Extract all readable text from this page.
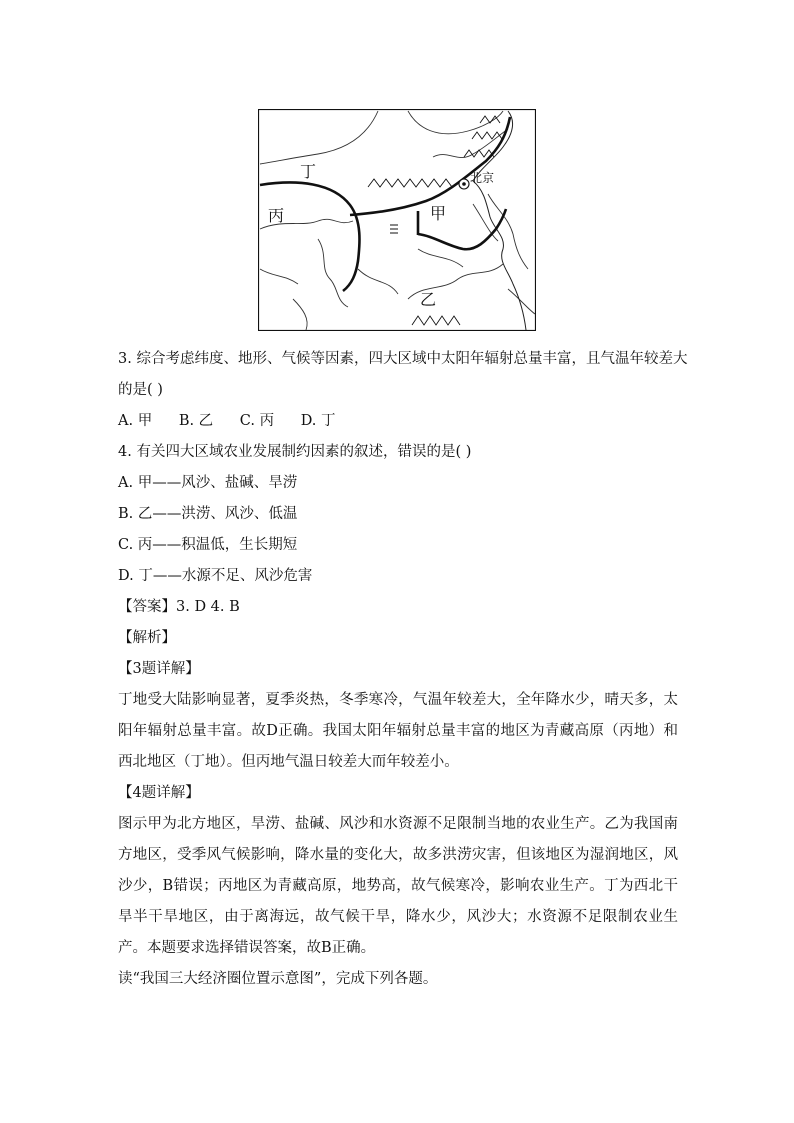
丁
丙	甲
乙
北京
3. 综合考虑纬度、地形、气候等因素，四大区域中太阳年辐射总量丰富，且气温年较差大
的是( )
A. 甲 B. 乙 C. 丙 D. 丁
4. 有关四大区域农业发展制约因素的叙述，错误的是( )
A. 甲——风沙、盐碱、旱涝
B. 乙——洪涝、风沙、低温
C. 丙——积温低，生长期短
D. 丁——水源不足、风沙危害
【答案】3. D 4. B
【解析】
【3题详解】
丁地受大陆影响显著，夏季炎热，冬季寒冷，气温年较差大，全年降水少，晴天多，太阳年辐射总量丰富。故D正确。我国太阳年辐射总量丰富的地区为青藏高原（丙地）和西北地区（丁地）。但丙地气温日较差大而年较差小。
【4题详解】
图示甲为北方地区，旱涝、盐碱、风沙和水资源不足限制当地的农业生产。乙为我国南方地区，受季风气候影响，降水量的变化大，故多洪涝灾害，但该地区为湿润地区，风沙少，B错误；丙地区为青藏高原，地势高，故气候寒冷，影响农业生产。丁为西北干旱半干旱地区，由于离海远，故气候干旱，降水少，风沙大；水资源不足限制农业生产。本题要求选择错误答案，故B正确。
读“我国三大经济圈位置示意图”，完成下列各题。
